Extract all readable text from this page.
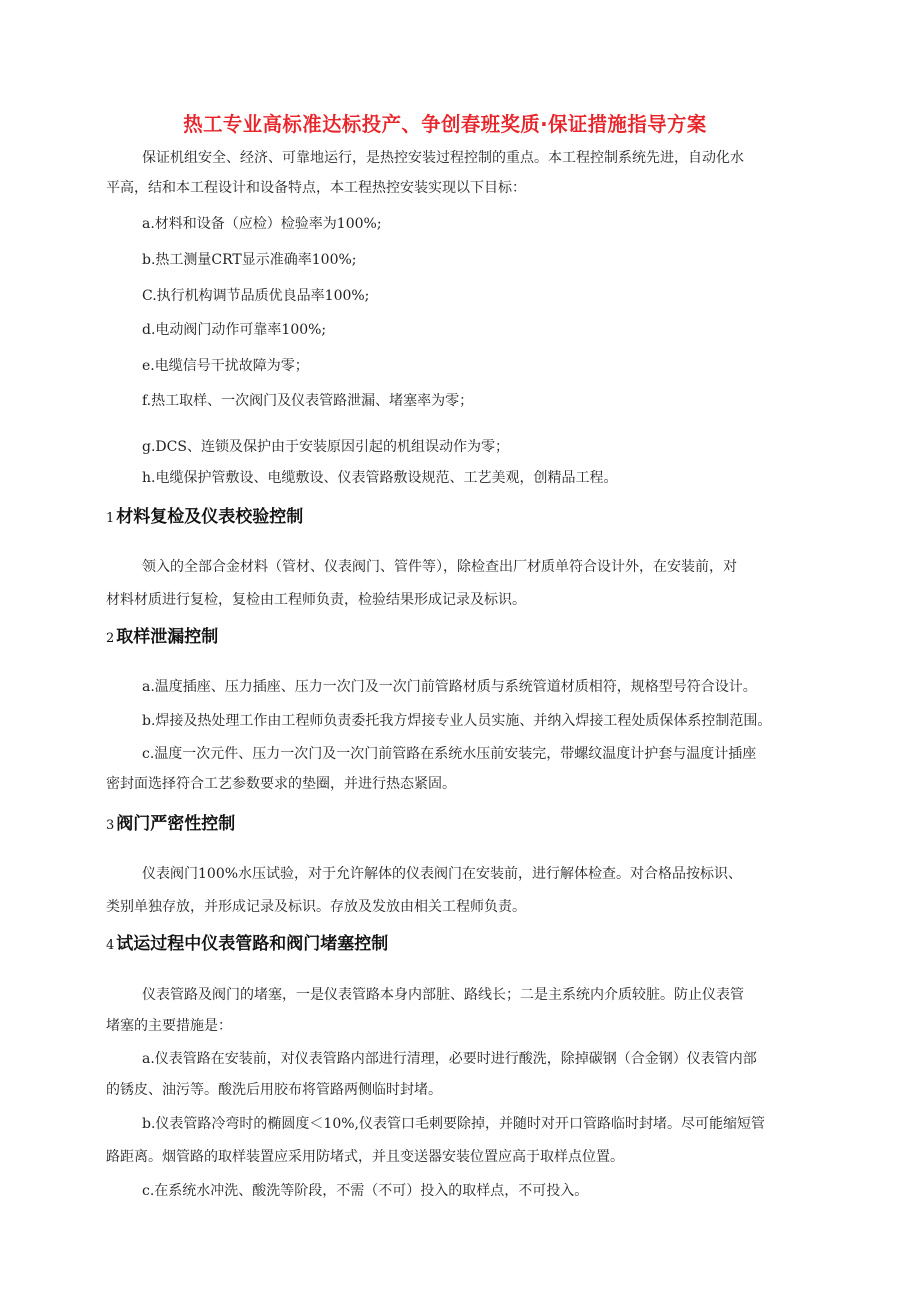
热工专业高标准达标投产、争创春班奖质·保证措施指导方案
保证机组安全、经济、可靠地运行，是热控安装过程控制的重点。本工程控制系统先进，自动化水
平高，结和本工程设计和设备特点，本工程热控安装实现以下目标：
a.材料和设备（应检）检验率为100%;
b.热工测量CRT显示准确率100%;
C.执行机构调节品质优良品率100%;
d.电动阀门动作可靠率100%;
e.电缆信号干扰故障为零；
f.热工取样、一次阀门及仪表管路泄漏、堵塞率为零；
g.DCS、连锁及保护由于安装原因引起的机组误动作为零；
h.电缆保护管敷设、电缆敷设、仪表管路敷设规范、工艺美观，创精品工程。
1 材料复检及仪表校验控制
领入的全部合金材料（管材、仪表阀门、管件等），除检查出厂材质单符合设计外，在安装前，对
材料材质进行复检，复检由工程师负责，检验结果形成记录及标识。
2 取样泄漏控制
a.温度插座、压力插座、压力一次门及一次门前管路材质与系统管道材质相符，规格型号符合设计。
b.焊接及热处理工作由工程师负责委托我方焊接专业人员实施、并纳入焊接工程处质保体系控制范围。
c.温度一次元件、压力一次门及一次门前管路在系统水压前安装完，带螺纹温度计护套与温度计插座
密封面选择符合工艺参数要求的垫圈，并进行热态紧固。
3 阀门严密性控制
仪表阀门100%水压试验，对于允许解体的仪表阀门在安装前，进行解体检查。对合格品按标识、
类别单独存放，并形成记录及标识。存放及发放由相关工程师负责。
4 试运过程中仪表管路和阀门堵塞控制
仪表管路及阀门的堵塞，一是仪表管路本身内部脏、路线长；二是主系统内介质较脏。防止仪表管
堵塞的主要措施是：
a.仪表管路在安装前，对仪表管路内部进行清理，必要时进行酸洗，除掉碳钢（合金钢）仪表管内部
的锈皮、油污等。酸洗后用胶布将管路两侧临时封堵。
b.仪表管路冷弯时的椭圆度＜10%,仪表管口毛刺要除掉，并随时对开口管路临时封堵。尽可能缩短管
路距离。烟管路的取样装置应采用防堵式，并且变送器安装位置应高于取样点位置。
c.在系统水冲洗、酸洗等阶段，不需（不可）投入的取样点，不可投入。
